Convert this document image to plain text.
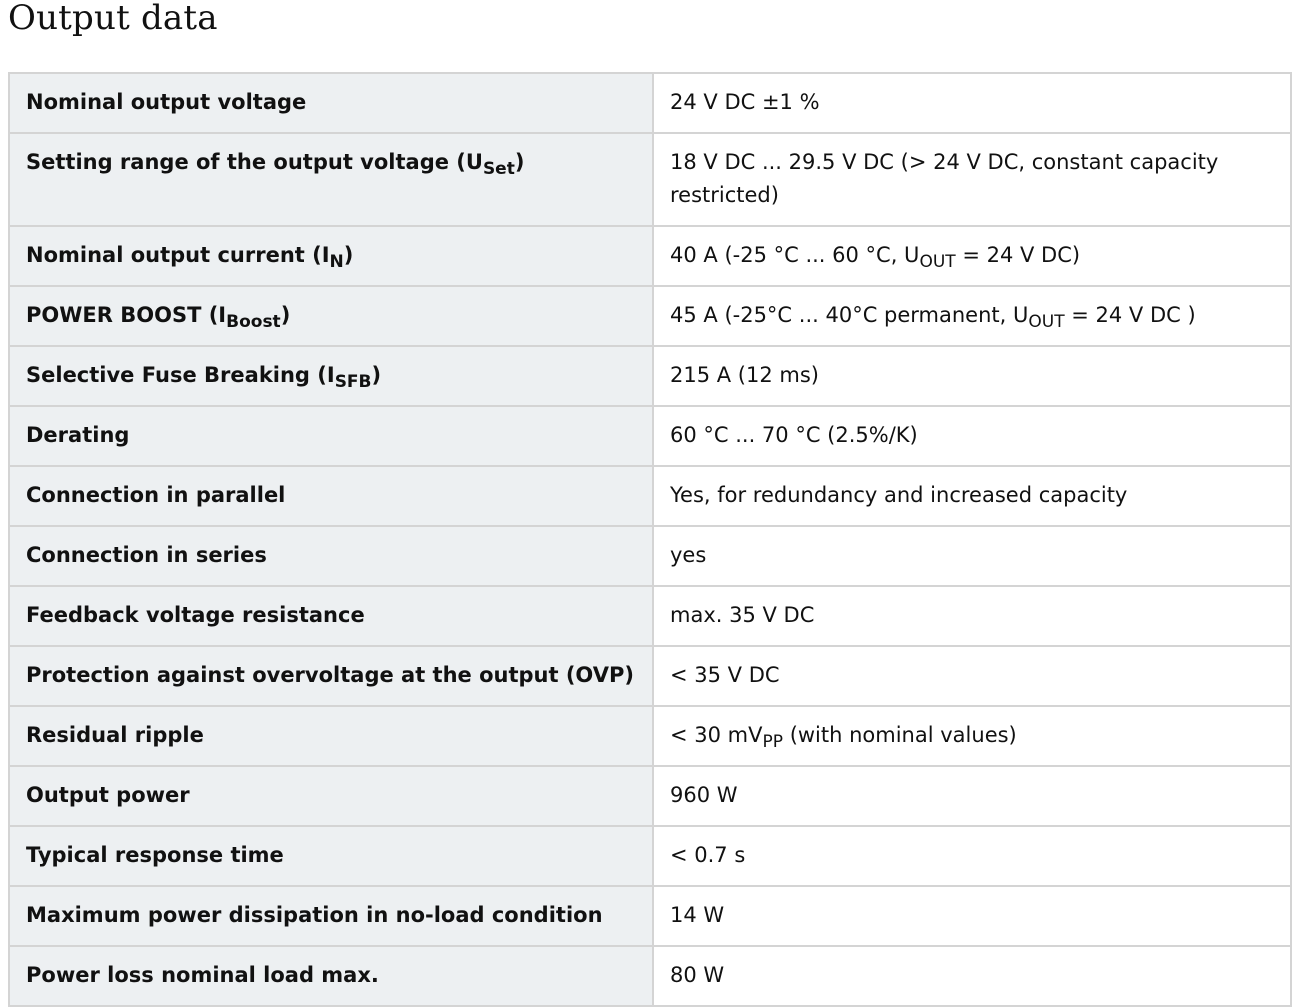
Output data
Nominal output voltage	24 V DC ±1 %
Setting range of the output voltage $(U_{Set})$	18 V DC ... 29.5 V DC (> 24 V DC, constant capacity restricted)
Nominal output current $(I_N)$	40 A (-25 °C ... 60 °C, $U_{OUT} = 24$ V DC)
POWER BOOST $(I_{Boost})$	45 A (-25°C ... 40°C permanent, $U_{OUT} = 24$ V DC )
Selective Fuse Breaking $(I_{SFB})$	215 A (12 ms)
Derating	60 °C ... 70 °C (2.5%/K)
Connection in parallel	Yes, for redundancy and increased capacity
Connection in series	yes
Feedback voltage resistance	max. 35 V DC
Protection against overvoltage at the output (OVP)	< 35 V DC
Residual ripple	< 30 $mV_{PP}$ (with nominal values)
Output power	960 W
Typical response time	< 0.7 s
Maximum power dissipation in no-load condition	14 W
Power loss nominal load max.	80 W
